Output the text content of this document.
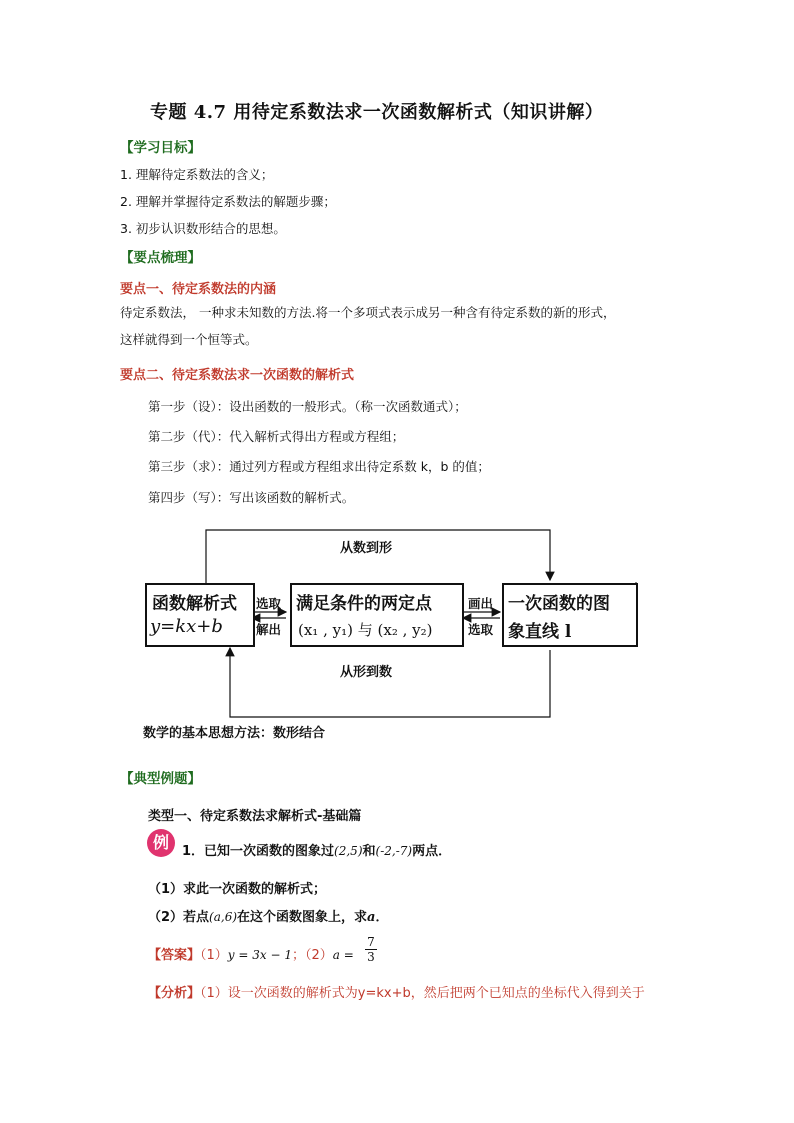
专题 4.7 用待定系数法求一次函数解析式（知识讲解）
【学习目标】
1. 理解待定系数法的含义；
2. 理解并掌握待定系数法的解题步骤；
3. 初步认识数形结合的思想。
【要点梳理】
要点一、待定系数法的内涵
待定系数法， 一种求未知数的方法.将一个多项式表示成另一种含有待定系数的新的形式，
这样就得到一个恒等式。
要点二、待定系数法求一次函数的解析式
第一步（设）：设出函数的一般形式。（称一次函数通式）；
第二步（代）：代入解析式得出方程或方程组；
第三步（求）：通过列方程或方程组求出待定系数 k，b 的值；
第四步（写）：写出该函数的解析式。
从数到形
从形到数
函数解析式
y=kx+b
选取
解出
满足条件的两定点
(x₁ , y₁) 与 (x₂ , y₂)
画出
选取
一次函数的图
象直线 l
数学的基本思想方法：数形结合
【典型例题】
类型一、待定系数法求解析式-基础篇
例	1．已知一次函数的图象过(2,5)和(-2,-7)两点．
（1）求此一次函数的解析式；
（2）若点(a,6)在这个函数图象上，求a．
【答案】（1）y = 3x − 1；（2）a =
7
3
【分析】（1）设一次函数的解析式为y=kx+b，然后把两个已知点的坐标代入得到关于
